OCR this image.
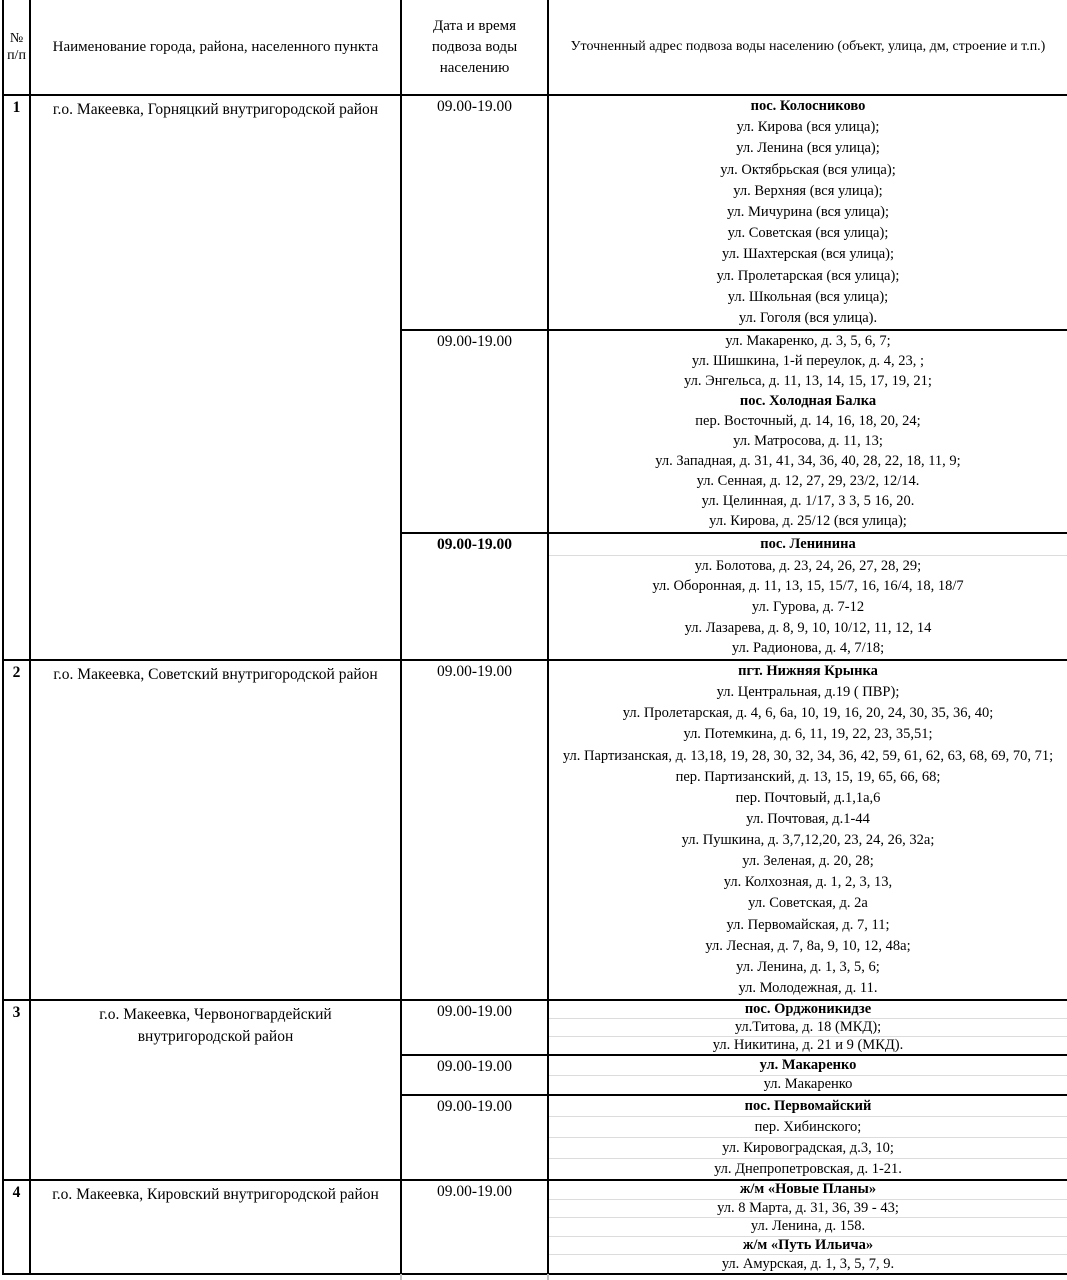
№ п/п	Наименование города, района, населенного пункта	Дата и время подвоза воды населению	Уточненный адрес подвоза воды населению (объект, улица, дм, строение и т.п.)
1	г.о. Макеевка, Горняцкий внутригородской район	09.00-19.00	пос. Колосниково
ул. Кирова (вся улица);
ул. Ленина (вся улица);
ул. Октябрьская (вся улица);
ул. Верхняя (вся улица);
ул. Мичурина (вся улица);
ул. Советская (вся улица);
ул. Шахтерская (вся улица);
ул. Пролетарская (вся улица);
ул. Школьная (вся улица);
ул. Гоголя (вся улица).

09.00-19.00	ул. Макаренко, д. 3, 5, 6, 7;
ул. Шишкина, 1-й переулок, д. 4, 23, ;
ул. Энгельса, д. 11, 13, 14, 15, 17, 19, 21;
пос. Холодная Балка
пер. Восточный, д. 14, 16, 18, 20, 24;
ул. Матросова, д. 11, 13;
ул. Западная, д. 31, 41, 34, 36, 40, 28, 22, 18, 11, 9;
ул. Сенная, д. 12, 27, 29, 23/2, 12/14.
ул. Целинная, д. 1/17, 3 3, 5 16, 20.
ул. Кирова, д. 25/12 (вся улица);

09.00-19.00	пос. Ленинина
ул. Болотова, д. 23, 24, 26, 27, 28, 29;
ул. Оборонная, д. 11, 13, 15, 15/7, 16, 16/4, 18, 18/7
ул. Гурова, д. 7-12
ул. Лазарева, д. 8, 9, 10, 10/12, 11, 12, 14
ул. Радионова, д. 4, 7/18;

2	г.о. Макеевка, Советский внутригородской район	09.00-19.00	пгт. Нижняя Крынка
ул. Центральная, д.19 ( ПВР);
ул. Пролетарская, д. 4, 6, 6а, 10, 19, 16, 20, 24, 30, 35, 36, 40;
ул. Потемкина, д. 6, 11, 19, 22, 23, 35,51;
ул. Партизанская, д. 13,18, 19, 28, 30, 32, 34, 36, 42, 59, 61, 62, 63, 68, 69, 70, 71;
пер. Партизанский, д. 13, 15, 19, 65, 66, 68;
пер. Почтовый, д.1,1а,6
ул. Почтовая, д.1-44
ул. Пушкина, д. 3,7,12,20, 23, 24, 26, 32а;
ул. Зеленая, д. 20, 28;
ул. Колхозная, д. 1, 2, 3, 13,
ул. Советская, д. 2а
ул. Первомайская, д. 7, 11;
ул. Лесная, д. 7, 8а, 9, 10, 12, 48а;
ул. Ленина, д. 1, 3, 5, 6;
ул. Молодежная, д. 11.

3	г.о. Макеевка, Червоногвардейский внутригородской район	09.00-19.00	пос. Орджоникидзе
ул.Титова, д. 18 (МКД);
ул. Никитина, д. 21 и 9 (МКД).

		09.00-19.00	ул. Макаренко
ул. Макаренко

		09.00-19.00	пос. Первомайский
пер. Хибинского;
ул. Кировоградская, д.3, 10;
ул. Днепропетровская, д. 1-21.

4	г.о. Макеевка, Кировский внутригородской район	09.00-19.00	ж/м «Новые Планы»
ул. 8 Марта, д. 31, 36, 39 - 43;
ул. Ленина, д. 158.
ж/м «Путь Ильича»
ул. Амурская, д. 1, 3, 5, 7, 9.
